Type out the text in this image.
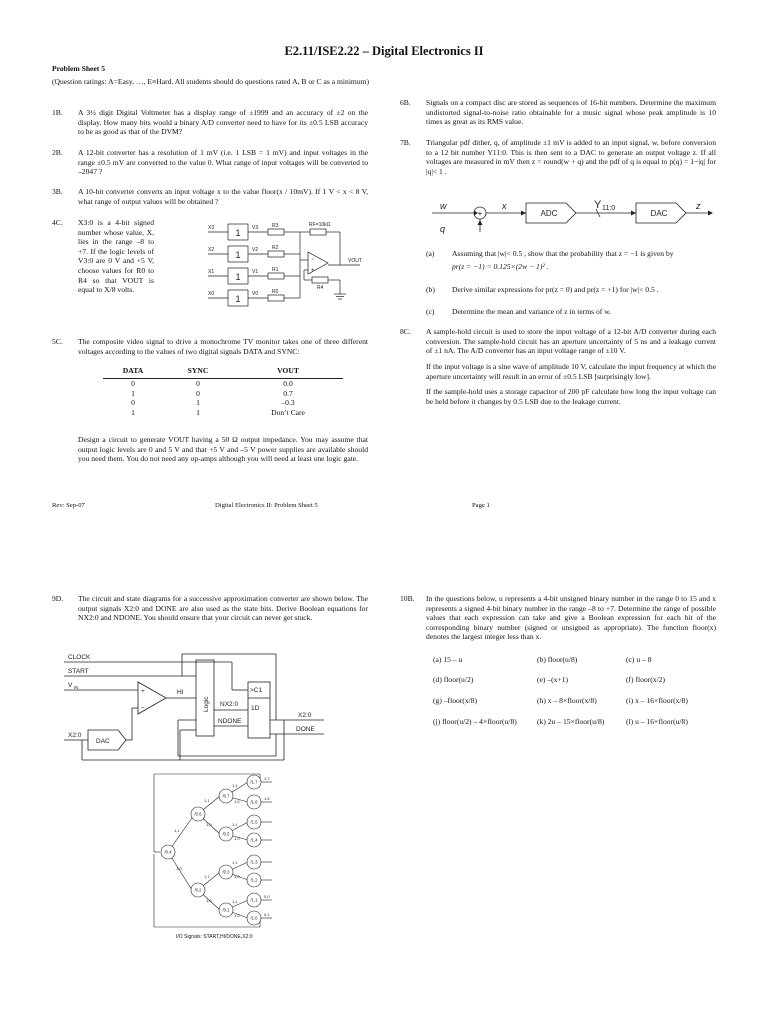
E2.11/ISE2.22 – Digital Electronics II
Problem Sheet 5
(Question ratings: A=Easy, …, E≡Hard. All students should do questions rated A, B or C as a minimum)
1B. A 3½ digit Digital Voltmeter has a display range of ±1999 and an accuracy of ±2 on the display. How many bits would a binary A/D converter need to have for its ±0.5 LSB accuracy to be as good as that of the DVM?
2B. A 12-bit converter has a resolution of 1 mV (i.e. 1 LSB = 1 mV) and input voltages in the range ±0.5 mV are converted to the value 0. What range of input voltages will be converted to –2047 ?
3B. A 10-bit converter converts an input voltage x to the value floor(x / 10mV). If 1 V < x < 8 V, what range of output values will be obtained ?
4C. X3:0 is a 4-bit signed number whose value, X, lies in the range –8 to +7. If the logic levels of V3:0 are 0 V and +5 V, choose values for R0 to R4 so that VOUT is equal to X/8 volts.
X3
X2
X1
X0
V3
V2
V1
V0
R3
R2
R1
R0
RF=10kΩ
R4
VOUT
1
1
1
1
−
+
5C. The composite video signal to drive a monochrome TV monitor takes one of three different voltages according to the values of two digital signals DATA and SYNC:
DATA	SYNC	VOUT
0	0	0.0
1	0	0.7
0	1	–0.3
1	1	Don’t Care
Design a circuit to generate VOUT having a 50 Ω output impedance. You may assume that output logic levels are 0 and 5 V and that +5 V and –5 V power supplies are available should you need them. You do not need any op-amps although you will need at least one logic gate.
6B. Signals on a compact disc are stored as sequences of 16-bit numbers. Determine the maximum undistorted signal-to-noise ratio obtainable for a music signal whose peak amplitude is 10 times as great as its RMS value.
7B. Triangular pdf dither, q, of amplitude ±1 mV is added to an input signal, w, before conversion to a 12 bit number Y11:0. This is then sent to a DAC to generate an output voltage z. If all voltages are measured in mV then z = round(w + q) and the pdf of q is equal to p(q) = 1−|q| for |q|< 1 .
w	x
q
z
+	ADC	DAC
Y 11:0
(a) Assuming that |w|< 0.5 , show that the probability that z = −1 is given by
pr(z = −1) = 0.125×(2w − 1)² .
(b) Derive similar expressions for pr(z = 0) and pr(z = +1) for |w|< 0.5 .
(c) Determine the mean and variance of z in terms of w.
8C. A sample-hold circuit is used to store the input voltage of a 12-bit A/D converter during each conversion. The sample-hold circuit has an aperture uncertainty of 5 ns and a leakage current of ±1 nA. The A/D converter has an input voltage range of ±10 V.
If the input voltage is a sine wave of amplitude 10 V, calculate the input frequency at which the aperture uncertainty will result in an error of ±0.5 LSB [surprisingly low].
If the sample-hold uses a storage capacitor of 200 pF calculate how long the input voltage can be held before it changes by 0.5 LSB due to the leakage current.
Rev: Sep-07	Digital Electronics II: Problem Sheet 5	Page 1
9D. The circuit and state diagrams for a successive approximation converter are shown below. The output signals X2:0 and DONE are also used as the state bits. Derive Boolean equations for NX2:0 and NDONE. You should ensure that your circuit can never get stuck.
CLOCK
START
V IN
HI
X2:0
DAC
NX2:0
NDONE
>C1
1D
X2:0
DONE
+
−	Logic
/0.4
/0.6
/0.2
/0.7
/0.5
/0.3
/0.1
/1.7
/1.6
/1.5
/1.4
/1.3
/1.2
/1.1
/1.0
1,1
1,0
1,1
1,0
1,1
1,0
1,1
1,0
1,1
1,0
1,1
1,0
1,1
1,0
1,7
1,6
0,1
0,0
I/O Signals: START,HI/DONE,X2:0
10B. In the questions below, u represents a 4-bit unsigned binary number in the range 0 to 15 and x represents a signed 4-bit binary number in the range –8 to +7. Determine the range of possible values that each expression can take and give a Boolean expression for each bit of the corresponding binary number (signed or unsigned as appropriate). The function floor(x) denotes the largest integer less than x.
(a) 15 – u	(b) floor(u/8)	(c) u – 8
(d) floor(u/2)	(e) –(x+1)	(f) floor(x/2)
(g) –floor(x/8)	(h) x – 8×floor(x/8)	(i) x – 16×floor(x/8)
(j) floor(u/2) – 4×floor(u/8)	(k) 2u – 15×floor(u/8)	(l) u – 16×floor(u/8)
